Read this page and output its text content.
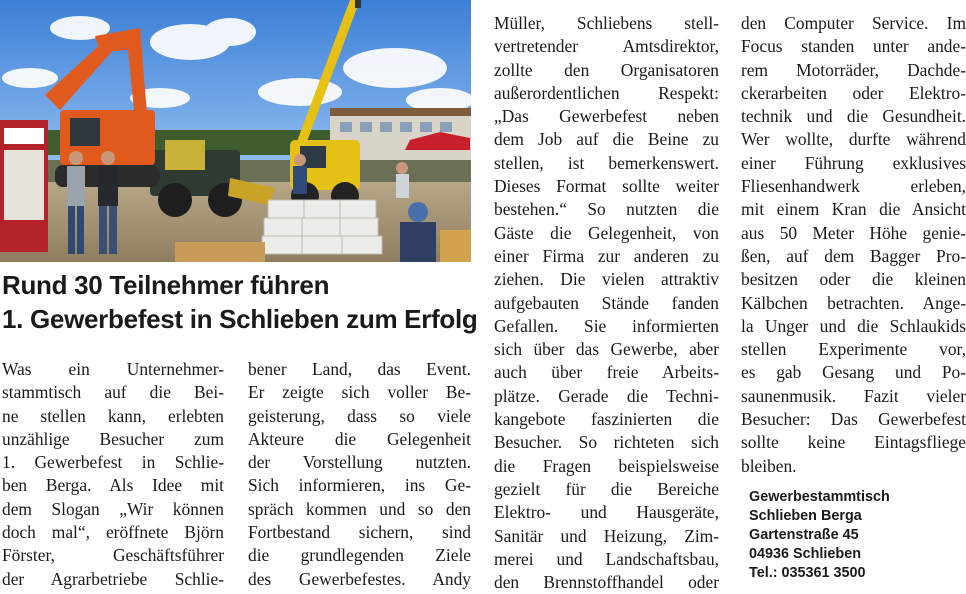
Rund 30 Teilnehmer führen
1. Gewerbefest in Schlieben zum Erfolg
Was ein Unternehmer-
stammtisch auf die Bei-
ne stellen kann, erlebten
unzählige Besucher zum
1. Gewerbefest in Schlie-
ben Berga. Als Idee mit
dem Slogan „Wir können
doch mal“, eröffnete Björn
Förster, Geschäftsführer
der Agrarbetriebe Schlie-
bener Land, das Event.
Er zeigte sich voller Be-
geisterung, dass so viele
Akteure die Gelegenheit
der Vorstellung nutzten.
Sich informieren, ins Ge-
spräch kommen und so den
Fortbestand sichern, sind
die grundlegenden Ziele
des Gewerbefestes. Andy
Müller, Schliebens stell-
vertretender Amtsdirektor,
zollte den Organisatoren
außerordentlichen Respekt:
„Das Gewerbefest neben
dem Job auf die Beine zu
stellen, ist bemerkenswert.
Dieses Format sollte weiter
bestehen.“ So nutzten die
Gäste die Gelegenheit, von
einer Firma zur anderen zu
ziehen. Die vielen attraktiv
aufgebauten Stände fanden
Gefallen. Sie informierten
sich über das Gewerbe, aber
auch über freie Arbeits-
plätze. Gerade die Techni-
kangebote faszinierten die
Besucher. So richteten sich
die Fragen beispielsweise
gezielt für die Bereiche
Elektro- und Hausgeräte,
Sanitär und Heizung, Zim-
merei und Landschaftsbau,
den Brennstoffhandel oder
den Computer Service. Im
Focus standen unter ande-
rem Motorräder, Dachde-
ckerarbeiten oder Elektro-
technik und die Gesundheit.
Wer wollte, durfte während
einer Führung exklusives
Fliesenhandwerk erleben,
mit einem Kran die Ansicht
aus 50 Meter Höhe genie-
ßen, auf dem Bagger Pro-
besitzen oder die kleinen
Kälbchen betrachten. Ange-
la Unger und die Schlaukids
stellen Experimente vor,
es gab Gesang und Po-
saunenmusik. Fazit vieler
Besucher: Das Gewerbefest
sollte keine Eintagsfliege
bleiben.
Gewerbestammtisch
Schlieben Berga
Gartenstraße 45
04936 Schlieben
Tel.: 035361 3500
